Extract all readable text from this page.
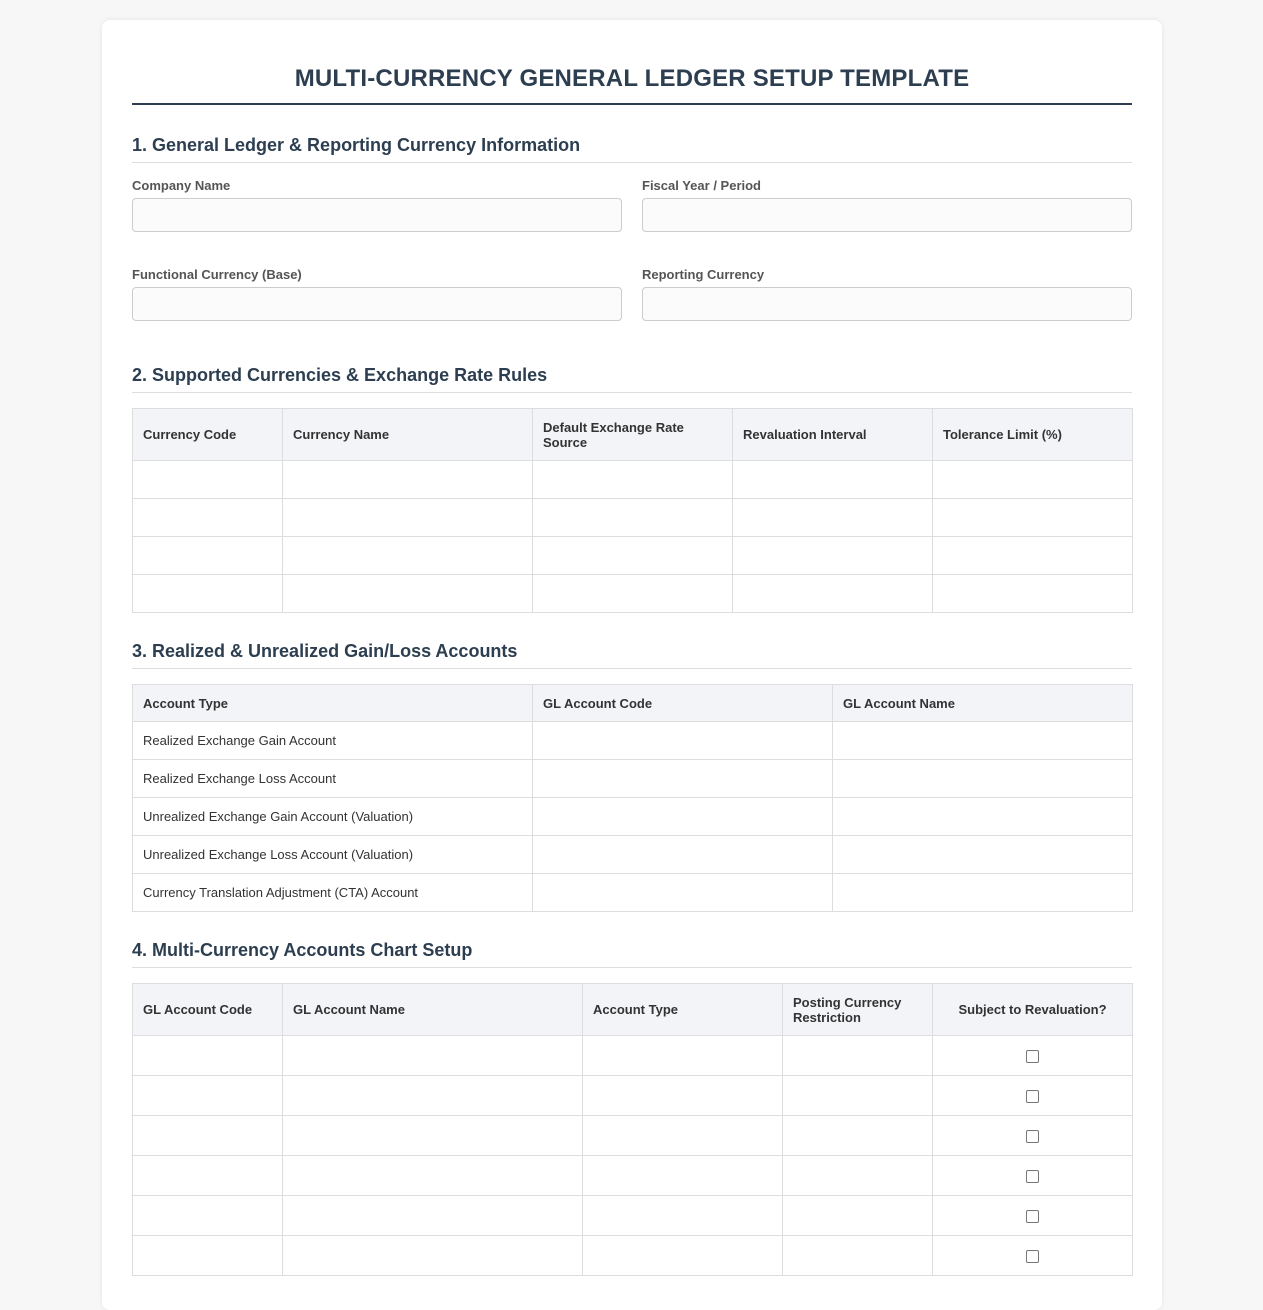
MULTI-CURRENCY GENERAL LEDGER SETUP TEMPLATE
1. General Ledger & Reporting Currency Information
Company Name	Fiscal Year / Period
Functional Currency (Base)	Reporting Currency
2. Supported Currencies & Exchange Rate Rules
Currency Code	Currency Name	Default Exchange Rate Source	Revaluation Interval	Tolerance Limit (%)

3. Realized & Unrealized Gain/Loss Accounts
Account Type	GL Account Code	GL Account Name
Realized Exchange Gain Account		
Realized Exchange Loss Account		
Unrealized Exchange Gain Account (Valuation)		
Unrealized Exchange Loss Account (Valuation)		
Currency Translation Adjustment (CTA) Account		
4. Multi-Currency Accounts Chart Setup
GL Account Code	GL Account Name	Account Type	Posting Currency Restriction	Subject to Revaluation?
